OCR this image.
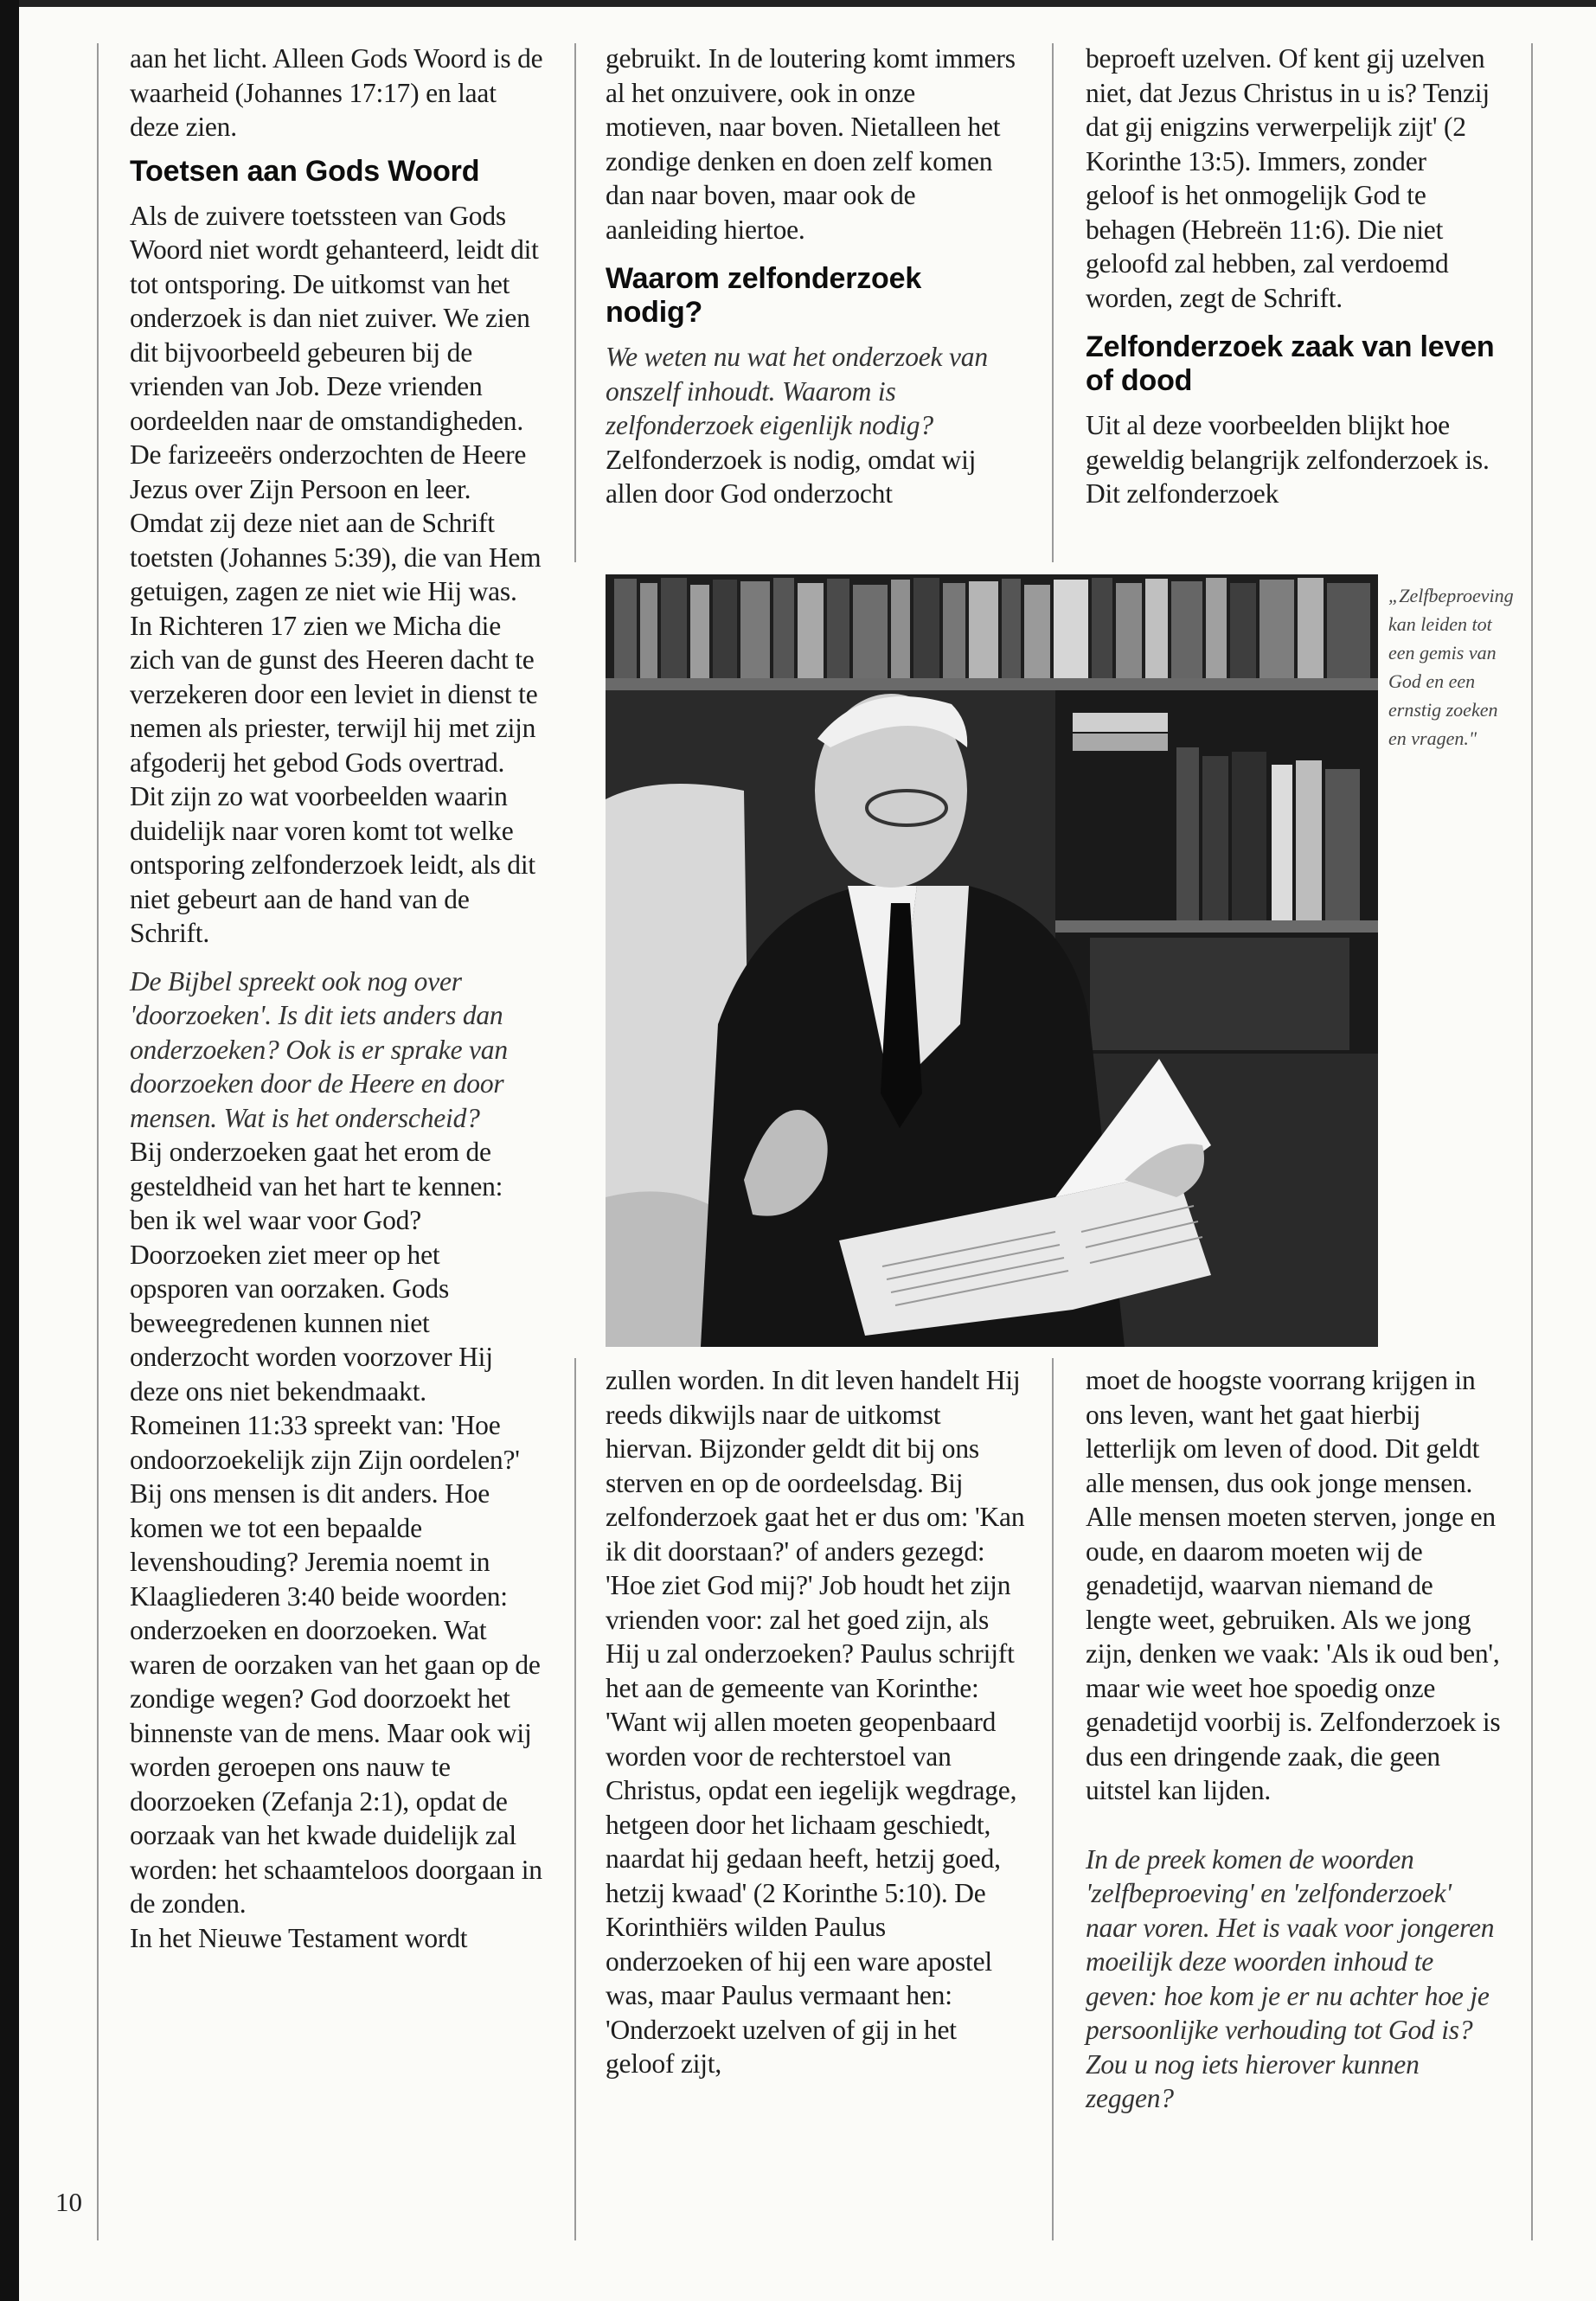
aan het licht. Alleen Gods Woord is de waarheid (Johannes 17:17) en laat deze zien.

Toetsen aan Gods Woord

Als de zuivere toetssteen van Gods Woord niet wordt gehanteerd, leidt dit tot ontsporing. De uitkomst van het onderzoek is dan niet zuiver. We zien dit bijvoorbeeld gebeuren bij de vrienden van Job. Deze vrienden oordeelden naar de omstandigheden. De farizeeërs onderzochten de Heere Jezus over Zijn Persoon en leer. Omdat zij deze niet aan de Schrift toetsten (Johannes 5:39), die van Hem getuigen, zagen ze niet wie Hij was. In Richteren 17 zien we Micha die zich van de gunst des Heeren dacht te verzekeren door een leviet in dienst te nemen als priester, terwijl hij met zijn afgoderij het gebod Gods overtrad. Dit zijn zo wat voorbeelden waarin duidelijk naar voren komt tot welke ontsporing zelfonderzoek leidt, als dit niet gebeurt aan de hand van de Schrift.

De Bijbel spreekt ook nog over 'doorzoeken'. Is dit iets anders dan onderzoeken? Ook is er sprake van doorzoeken door de Heere en door mensen. Wat is het onderscheid?

Bij onderzoeken gaat het erom de gesteldheid van het hart te kennen: ben ik wel waar voor God? Doorzoeken ziet meer op het opsporen van oorzaken. Gods beweegredenen kunnen niet onderzocht worden voorzover Hij deze ons niet bekendmaakt. Romeinen 11:33 spreekt van: 'Hoe ondoorzoekelijk zijn Zijn oordelen?' Bij ons mensen is dit anders. Hoe komen we tot een bepaalde levenshouding? Jeremia noemt in Klaagliederen 3:40 beide woorden: onderzoeken en doorzoeken. Wat waren de oorzaken van het gaan op de zondige wegen? God doorzoekt het binnenste van de mens. Maar ook wij worden geroepen ons nauw te doorzoeken (Zefanja 2:1), opdat de oorzaak van het kwade duidelijk zal worden: het schaamteloos doorgaan in de zonden.

In het Nieuwe Testament wordt

gebruikt. In de loutering komt immers al het onzuivere, ook in onze motieven, naar boven. Nietalleen het zondige denken en doen zelf komen dan naar boven, maar ook de aanleiding hiertoe.

Waarom zelfonderzoek nodig?

We weten nu wat het onderzoek van onszelf inhoudt. Waarom is zelfonderzoek eigenlijk nodig?

Zelfonderzoek is nodig, omdat wij allen door God onderzocht

beproeft uzelven. Of kent gij uzelven niet, dat Jezus Christus in u is? Tenzij dat gij enigzins verwerpelijk zijt' (2 Korinthe 13:5). Immers, zonder geloof is het onmogelijk God te behagen (Hebreën 11:6). Die niet geloofd zal hebben, zal verdoemd worden, zegt de Schrift.

Zelfonderzoek zaak van leven of dood

Uit al deze voorbeelden blijkt hoe geweldig belangrijk zelfonderzoek is. Dit zelfonderzoek

„Zelfbeproeving kan leiden tot een gemis van God en een ernstig zoeken en vragen."

zullen worden. In dit leven handelt Hij reeds dikwijls naar de uitkomst hiervan. Bijzonder geldt dit bij ons sterven en op de oordeelsdag. Bij zelfonderzoek gaat het er dus om: 'Kan ik dit doorstaan?' of anders gezegd: 'Hoe ziet God mij?' Job houdt het zijn vrienden voor: zal het goed zijn, als Hij u zal onderzoeken? Paulus schrijft het aan de gemeente van Korinthe: 'Want wij allen moeten geopenbaard worden voor de rechterstoel van Christus, opdat een iegelijk wegdrage, hetgeen door het lichaam geschiedt, naardat hij gedaan heeft, hetzij goed, hetzij kwaad' (2 Korinthe 5:10). De Korinthiërs wilden Paulus onderzoeken of hij een ware apostel was, maar Paulus vermaant hen: 'Onderzoekt uzelven of gij in het geloof zijt,

moet de hoogste voorrang krijgen in ons leven, want het gaat hierbij letterlijk om leven of dood. Dit geldt alle mensen, dus ook jonge mensen. Alle mensen moeten sterven, jonge en oude, en daarom moeten wij de genadetijd, waarvan niemand de lengte weet, gebruiken. Als we jong zijn, denken we vaak: 'Als ik oud ben', maar wie weet hoe spoedig onze genadetijd voorbij is. Zelfonderzoek is dus een dringende zaak, die geen uitstel kan lijden.

In de preek komen de woorden 'zelfbeproeving' en 'zelfonderzoek' naar voren. Het is vaak voor jongeren moeilijk deze woorden inhoud te geven: hoe kom je er nu achter hoe je persoonlijke verhouding tot God is? Zou u nog iets hierover kunnen zeggen?

10
